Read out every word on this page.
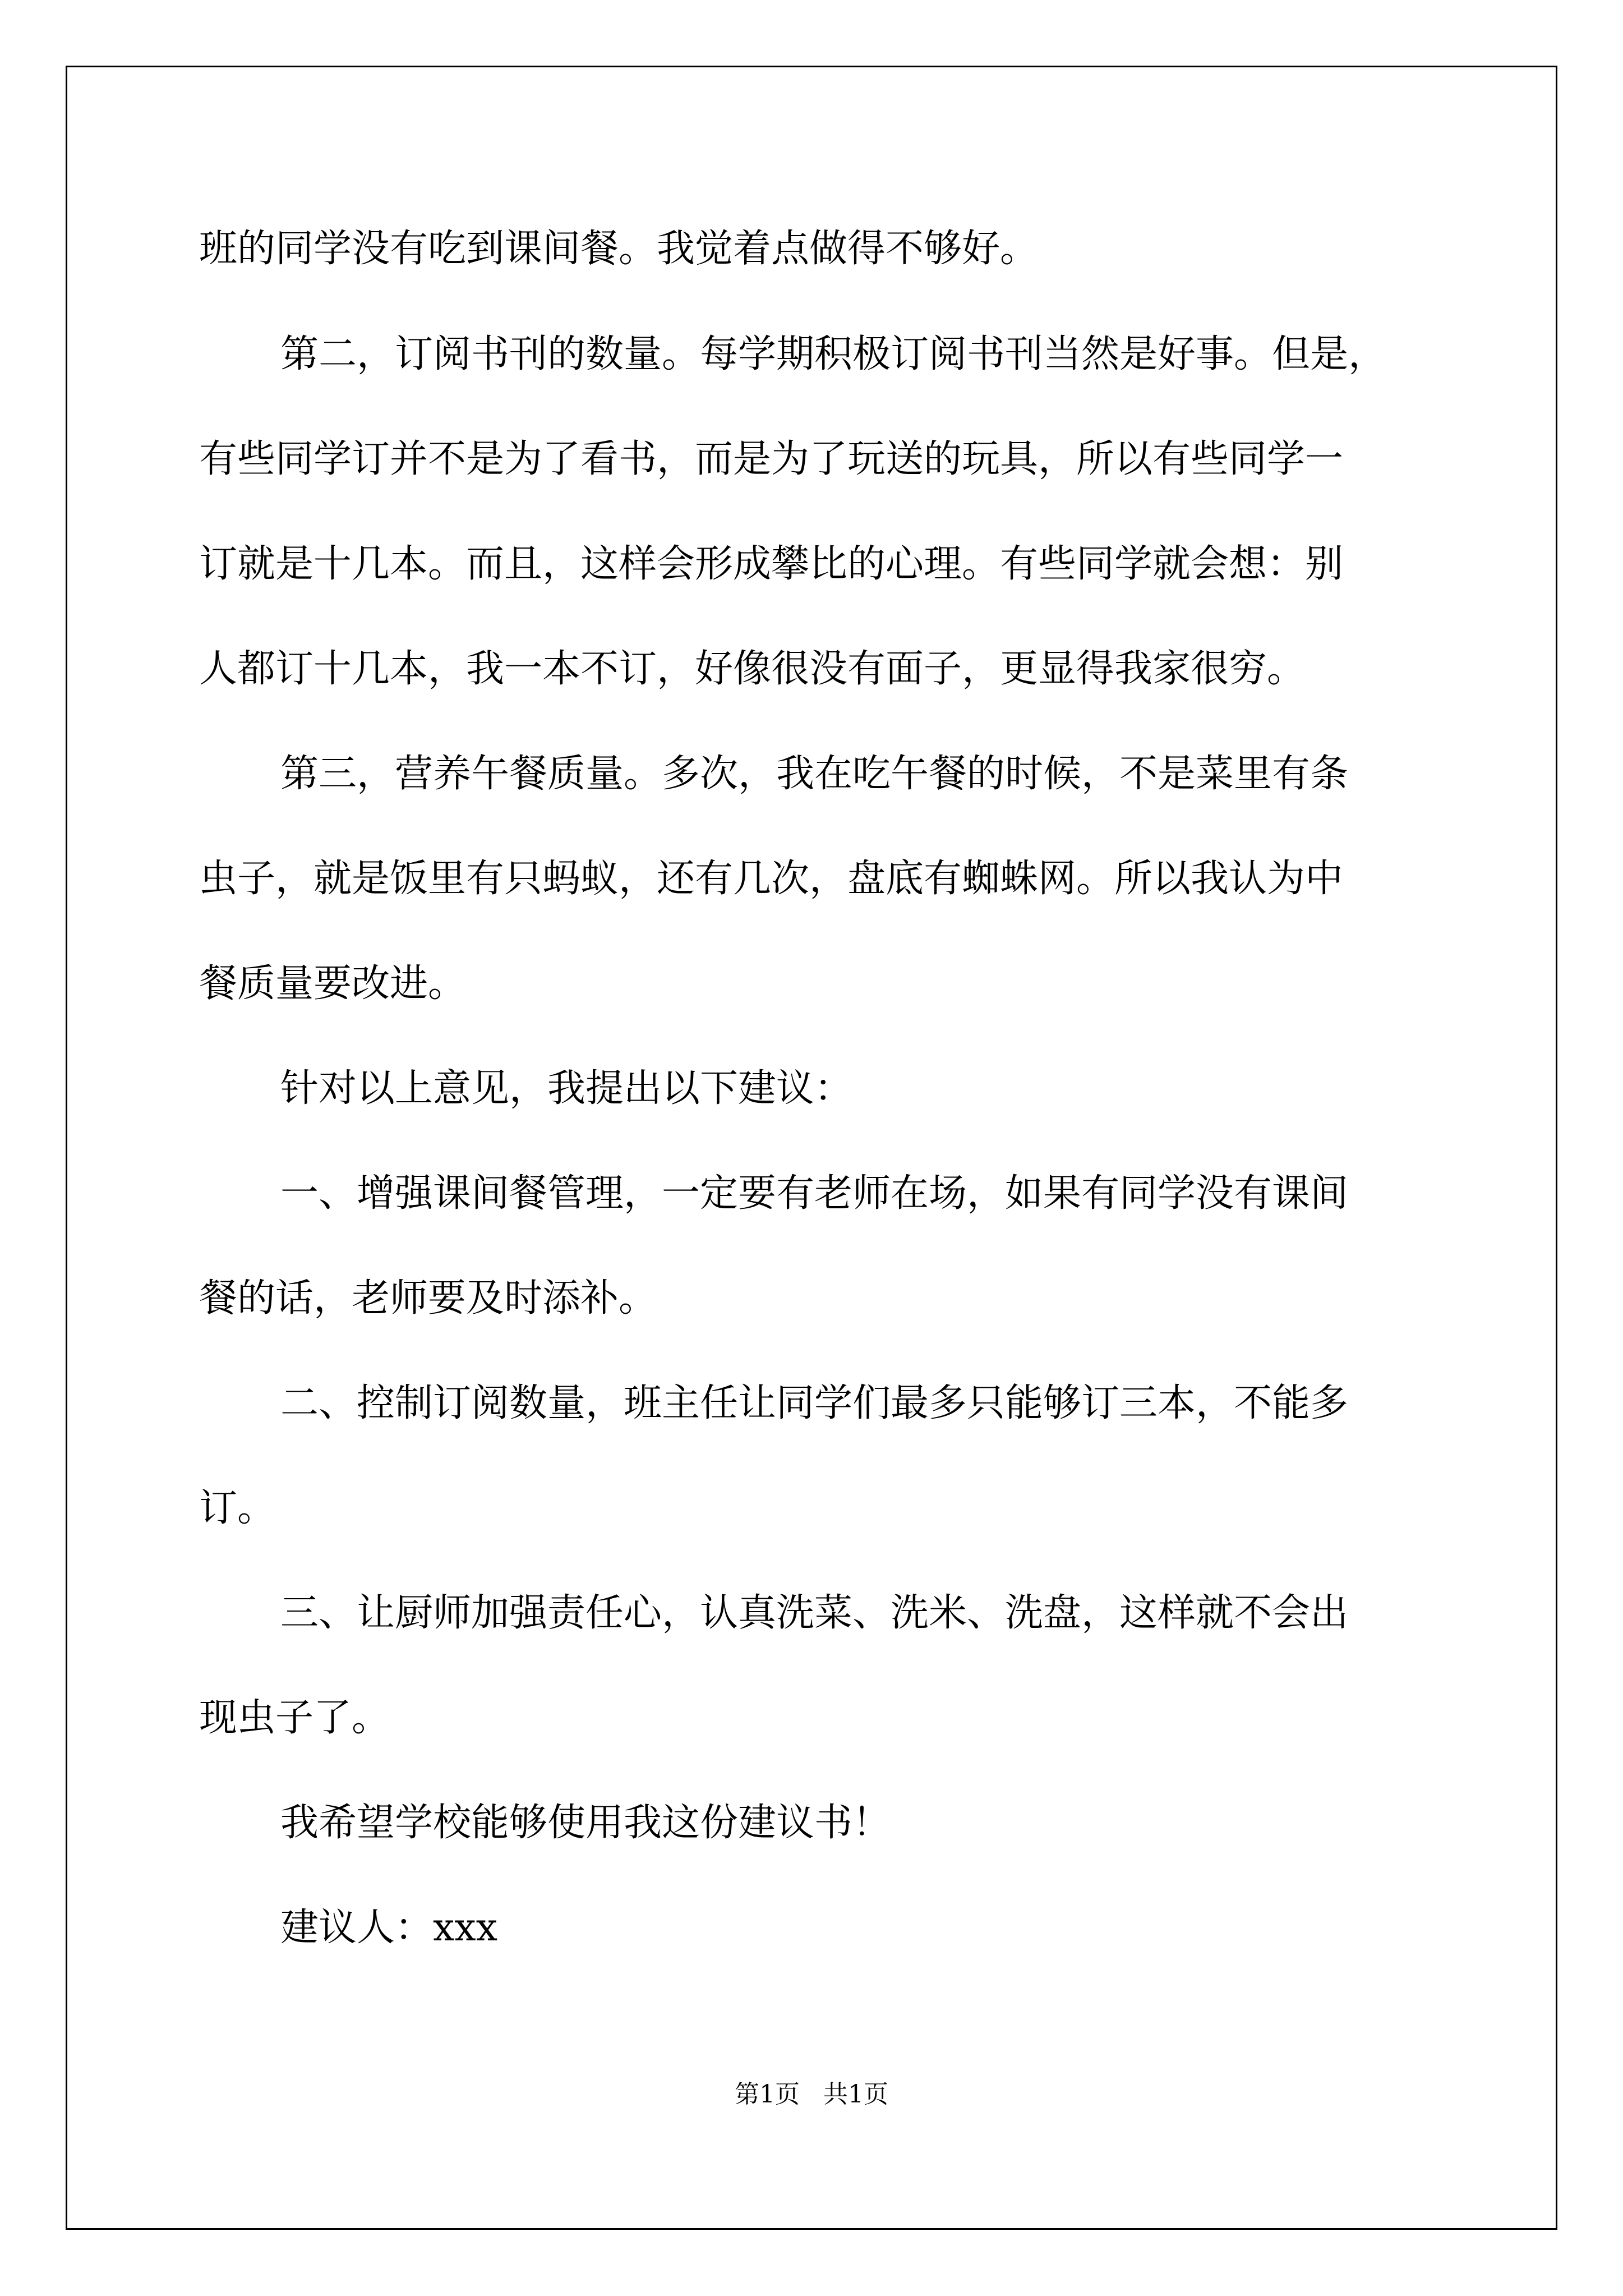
班的同学没有吃到课间餐。我觉着点做得不够好。
第二，订阅书刊的数量。每学期积极订阅书刊当然是好事。但是，
有些同学订并不是为了看书，而是为了玩送的玩具，所以有些同学一
订就是十几本。而且，这样会形成攀比的心理。有些同学就会想：别
人都订十几本，我一本不订，好像很没有面子，更显得我家很穷。
第三，营养午餐质量。多次，我在吃午餐的时候，不是菜里有条
虫子，就是饭里有只蚂蚁，还有几次，盘底有蜘蛛网。所以我认为中
餐质量要改进。
针对以上意见，我提出以下建议：
一、增强课间餐管理，一定要有老师在场，如果有同学没有课间
餐的话，老师要及时添补。
二、控制订阅数量，班主任让同学们最多只能够订三本，不能多
订。
三、让厨师加强责任心，认真洗菜、洗米、洗盘，这样就不会出
现虫子了。
我希望学校能够使用我这份建议书！
建议人：xxx
第1页   共1页
